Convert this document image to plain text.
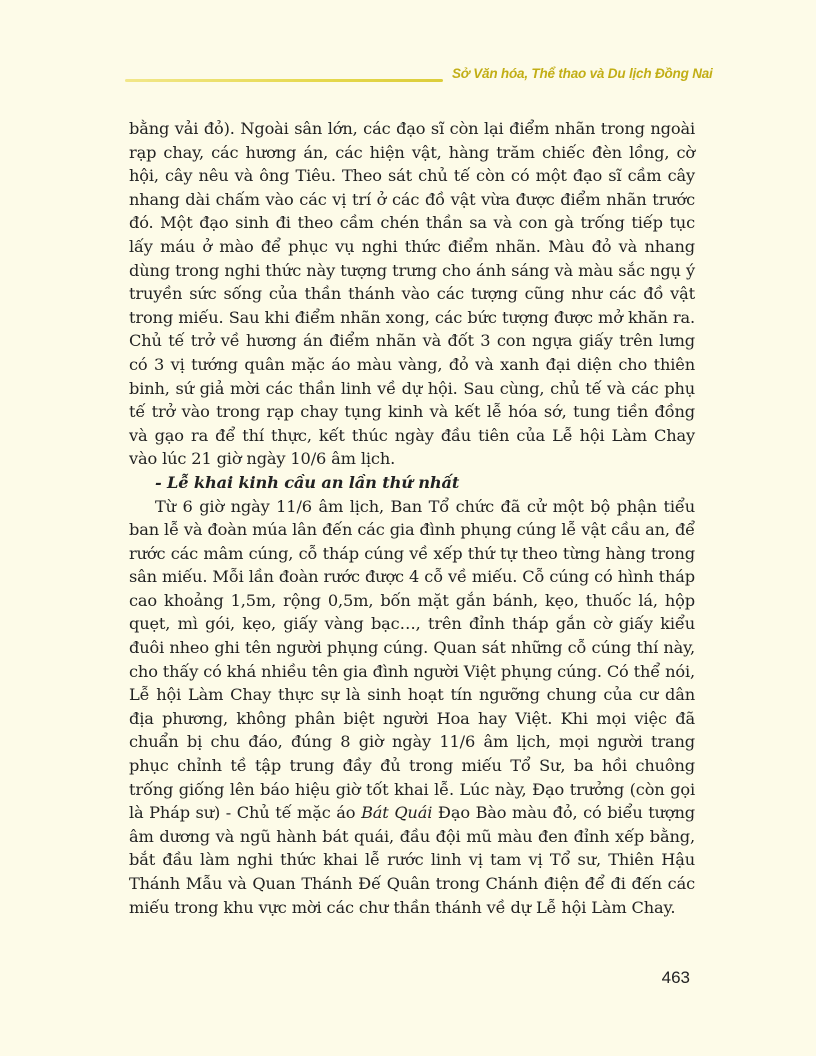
Sở Văn hóa, Thể thao và Du lịch Đồng Nai

bằng vải đỏ). Ngoài sân lớn, các đạo sĩ còn lại điểm nhãn trong ngoài rạp chay, các hương án, các hiện vật, hàng trăm chiếc đèn lồng, cờ hội, cây nêu và ông Tiêu. Theo sát chủ tế còn có một đạo sĩ cầm cây nhang dài chấm vào các vị trí ở các đồ vật vừa được điểm nhãn trước đó. Một đạo sinh đi theo cầm chén thần sa và con gà trống tiếp tục lấy máu ở mào để phục vụ nghi thức điểm nhãn. Màu đỏ và nhang dùng trong nghi thức này tượng trưng cho ánh sáng và màu sắc ngụ ý truyền sức sống của thần thánh vào các tượng cũng như các đồ vật trong miếu. Sau khi điểm nhãn xong, các bức tượng được mở khăn ra. Chủ tế trở về hương án điểm nhãn và đốt 3 con ngựa giấy trên lưng có 3 vị tướng quân mặc áo màu vàng, đỏ và xanh đại diện cho thiên binh, sứ giả mời các thần linh về dự hội. Sau cùng, chủ tế và các phụ tế trở vào trong rạp chay tụng kinh và kết lễ hóa sớ, tung tiền đồng và gạo ra để thí thực, kết thúc ngày đầu tiên của Lễ hội Làm Chay vào lúc 21 giờ ngày 10/6 âm lịch.

- Lễ khai kinh cầu an lần thứ nhất

Từ 6 giờ ngày 11/6 âm lịch, Ban Tổ chức đã cử một bộ phận tiểu ban lễ và đoàn múa lân đến các gia đình phụng cúng lễ vật cầu an, để rước các mâm cúng, cỗ tháp cúng về xếp thứ tự theo từng hàng trong sân miếu. Mỗi lần đoàn rước được 4 cỗ về miếu. Cỗ cúng có hình tháp cao khoảng 1,5m, rộng 0,5m, bốn mặt gắn bánh, kẹo, thuốc lá, hộp quẹt, mì gói, kẹo, giấy vàng bạc…, trên đỉnh tháp gắn cờ giấy kiểu đuôi nheo ghi tên người phụng cúng. Quan sát những cỗ cúng thí này, cho thấy có khá nhiều tên gia đình người Việt phụng cúng. Có thể nói, Lễ hội Làm Chay thực sự là sinh hoạt tín ngưỡng chung của cư dân địa phương, không phân biệt người Hoa hay Việt. Khi mọi việc đã chuẩn bị chu đáo, đúng 8 giờ ngày 11/6 âm lịch, mọi người trang phục chỉnh tề tập trung đầy đủ trong miếu Tổ Sư, ba hồi chuông trống giống lên báo hiệu giờ tốt khai lễ. Lúc này, Đạo trưởng (còn gọi là Pháp sư) - Chủ tế mặc áo Bát Quái Đạo Bào màu đỏ, có biểu tượng âm dương và ngũ hành bát quái, đầu đội mũ màu đen đỉnh xếp bằng, bắt đầu làm nghi thức khai lễ rước linh vị tam vị Tổ sư, Thiên Hậu Thánh Mẫu và Quan Thánh Đế Quân trong Chánh điện để đi đến các miếu trong khu vực mời các chư thần thánh về dự Lễ hội Làm Chay.

463
